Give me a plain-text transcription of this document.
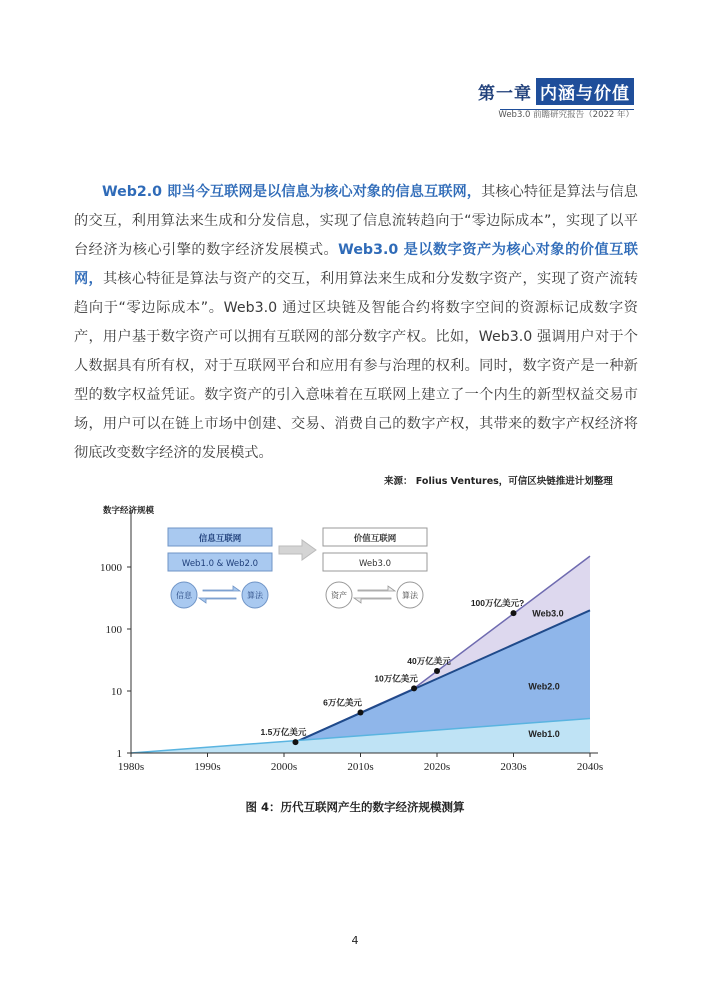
第一章 内涵与价值
Web3.0 前瞻研究报告（2022 年）
Web2.0 即当今互联网是以信息为核心对象的信息互联网，其核心特征是算法与信息的交互，利用算法来生成和分发信息，实现了信息流转趋向于“零边际成本”，实现了以平台经济为核心引擎的数字经济发展模式。Web3.0 是以数字资产为核心对象的价值互联网，其核心特征是算法与资产的交互，利用算法来生成和分发数字资产，实现了资产流转趋向于“零边际成本”。Web3.0 通过区块链及智能合约将数字空间的资源标记成数字资产，用户基于数字资产可以拥有互联网的部分数字产权。比如，Web3.0 强调用户对于个人数据具有所有权，对于互联网平台和应用有参与治理的权利。同时，数字资产是一种新型的数字权益凭证。数字资产的引入意味着在互联网上建立了一个内生的新型权益交易市场，用户可以在链上市场中创建、交易、消费自己的数字产权，其带来的数字产权经济将彻底改变数字经济的发展模式。
来源： Folius Ventures，可信区块链推进计划整理
数字经济规模
Web3.0
Web2.0
Web1.0
1
10
100
1000
1980s	1990s	2000s	2010s	2020s	2030s	2040s
1.5万亿美元
6万亿美元
10万亿美元
40万亿美元
100万亿美元?
信息互联网
Web1.0 & Web2.0
信息	算法
价值互联网
Web3.0
资产	算法
图 4：历代互联网产生的数字经济规模测算
4
